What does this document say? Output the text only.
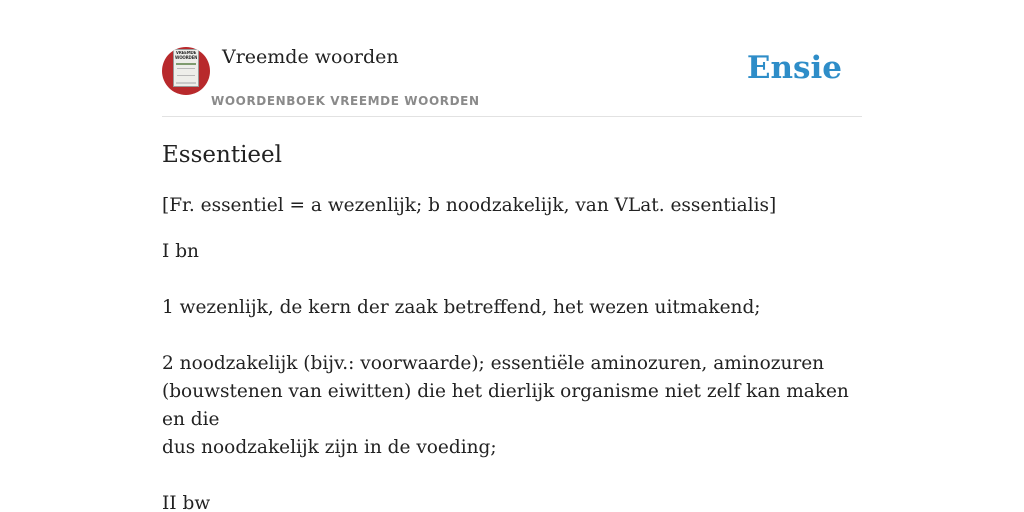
VREEMDE WOORDEN Vreemde woorden
WOORDENBOEK VREEMDE WOORDEN
Ensie
Essentieel
[Fr. essentiel = a wezenlijk; b noodzakelijk, van VLat. essentialis]
I bn

1 wezenlijk, de kern der zaak betreffend, het wezen uitmakend;

2 noodzakelijk (bijv.: voorwaarde); essentiële aminozuren, aminozuren
(bouwstenen van eiwitten) die het dierlijk organisme niet zelf kan maken en die
dus noodzakelijk zijn in de voeding;

II bw
